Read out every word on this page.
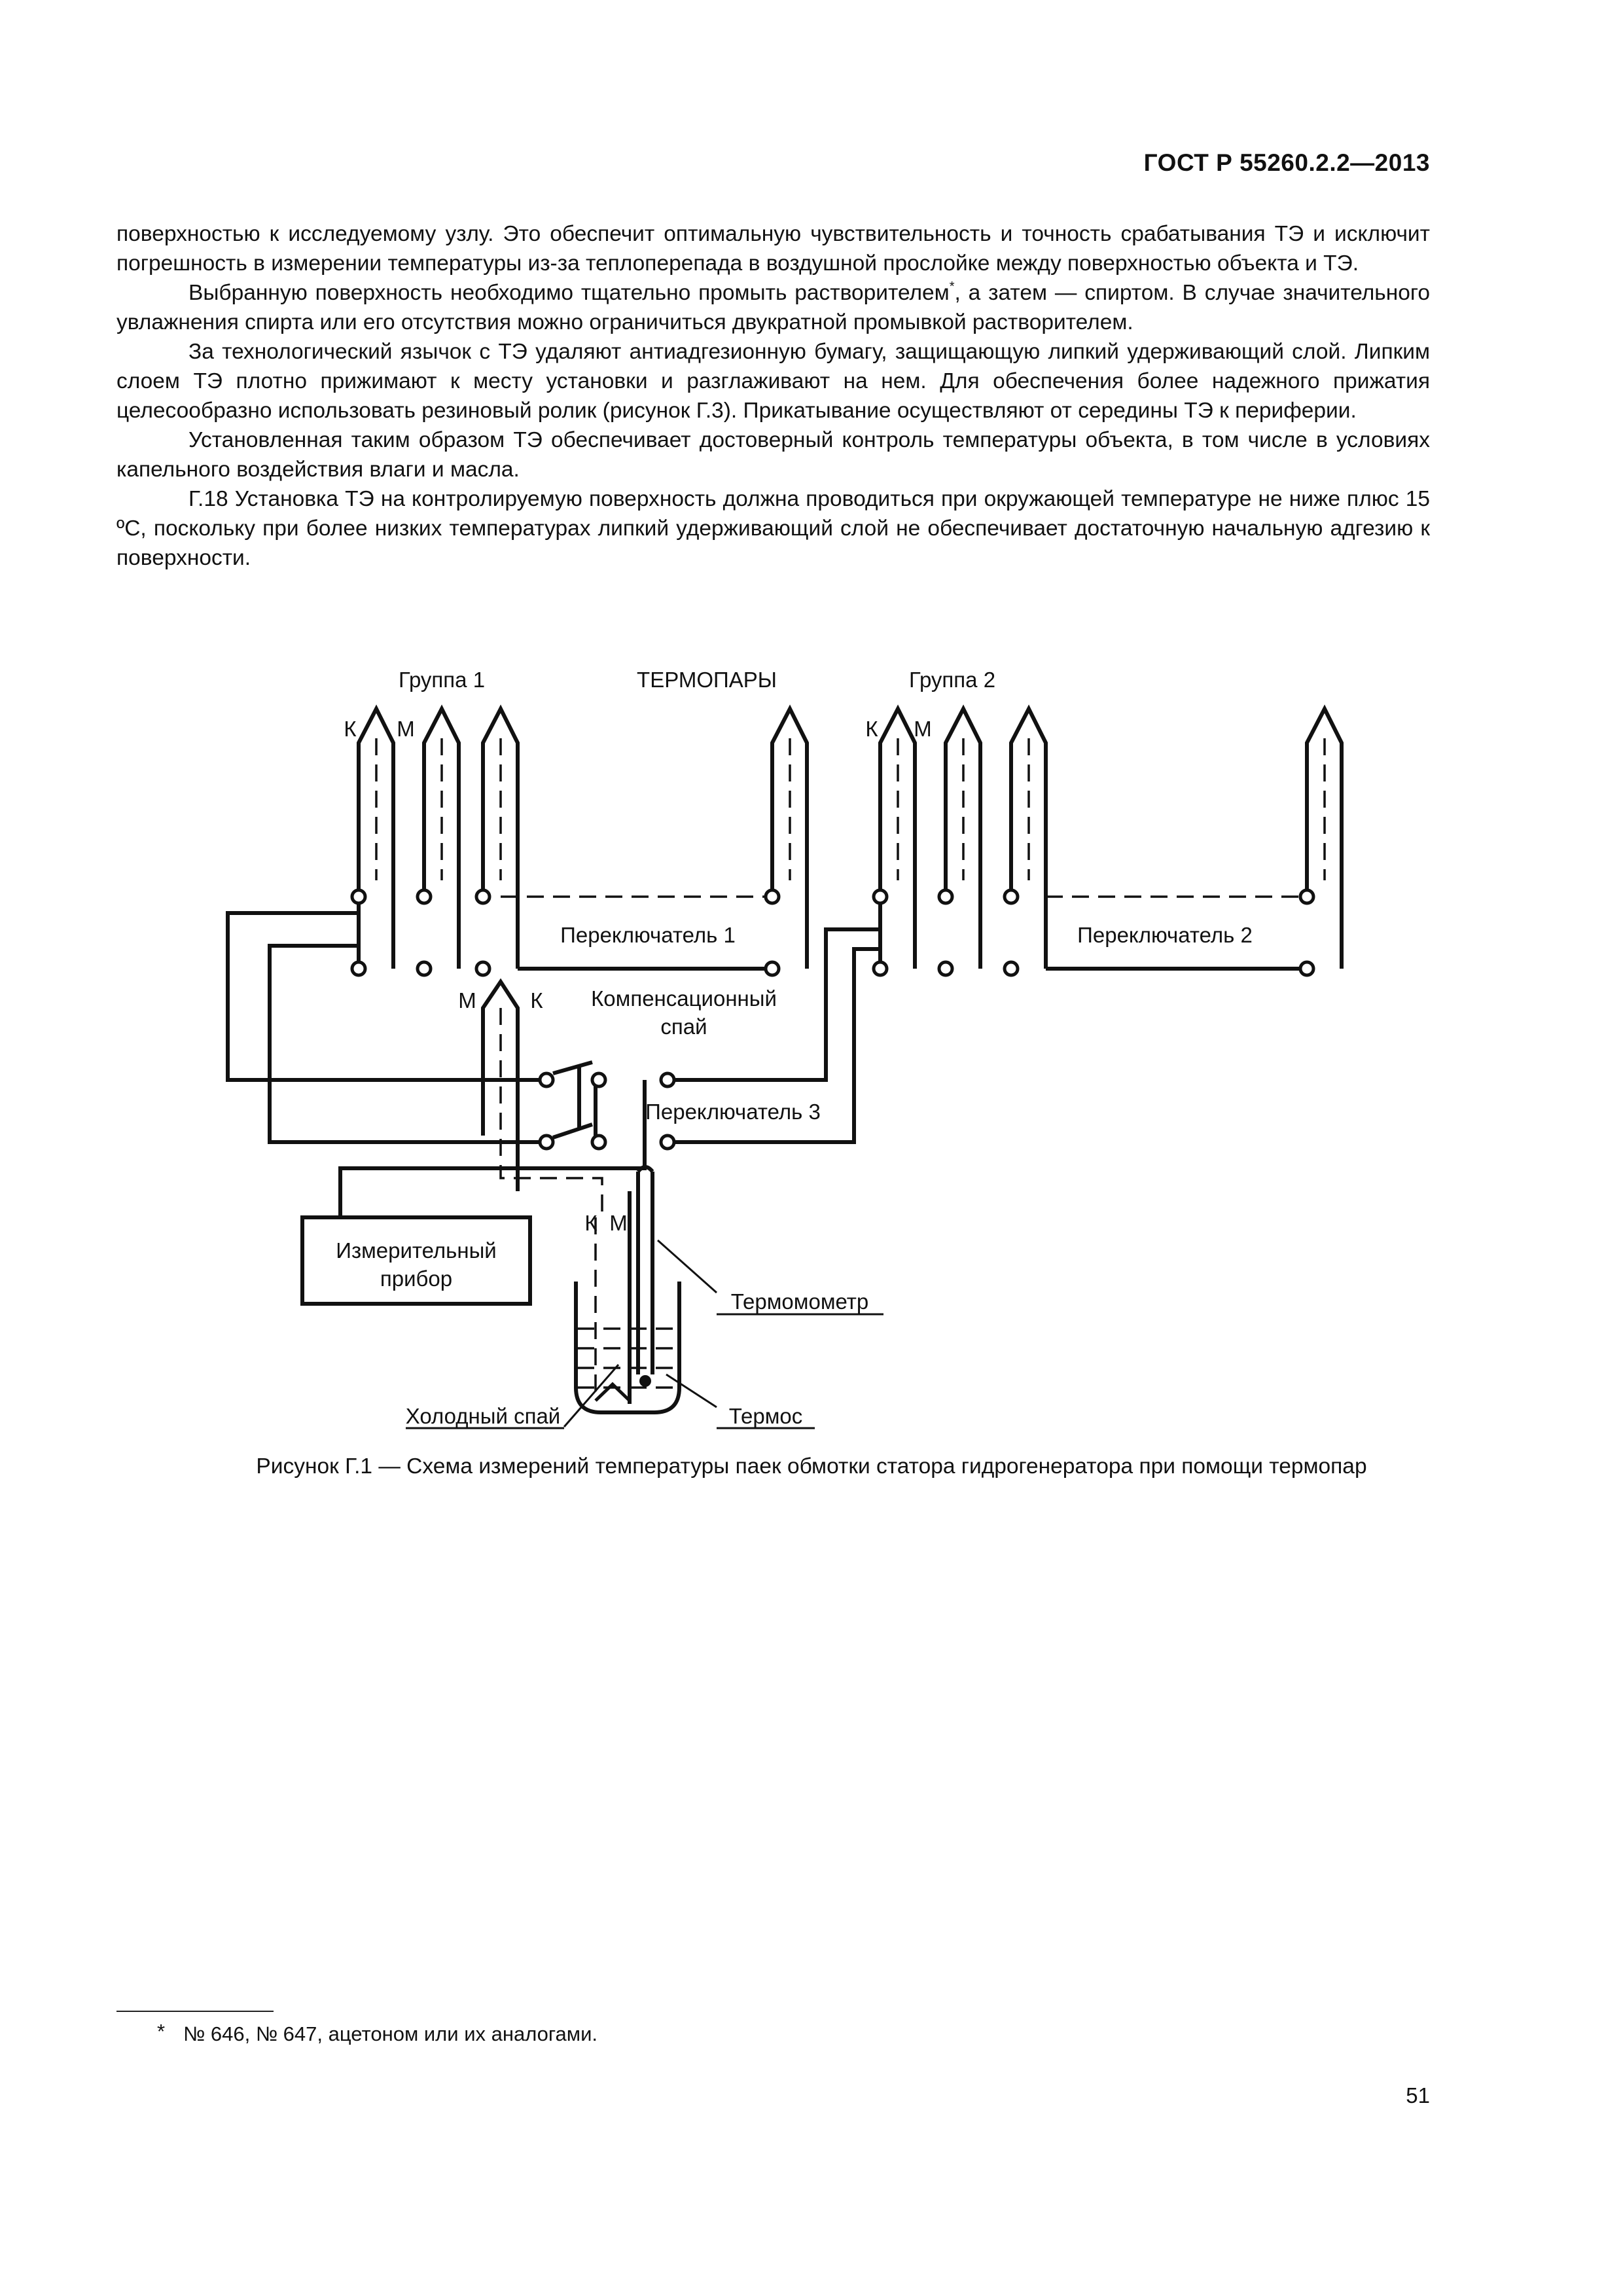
ГОСТ Р 55260.2.2—2013

поверхностью к исследуемому узлу. Это обеспечит оптимальную чувствительность и точность срабатывания ТЭ и исключит погрешность в измерении температуры из-за теплоперепада в воздушной прослойке между поверхностью объекта и ТЭ.

Выбранную поверхность необходимо тщательно промыть растворителем*, а затем — спиртом. В случае значительного увлажнения спирта или его отсутствия можно ограничиться двукратной промывкой растворителем.

За технологический язычок с ТЭ удаляют антиадгезионную бумагу, защищающую липкий удерживающий слой. Липким слоем ТЭ плотно прижимают к месту установки и разглаживают на нем. Для обеспечения более надежного прижатия целесообразно использовать резиновый ролик (рисунок Г.3). Прикатывание осуществляют от середины ТЭ к периферии.

Установленная таким образом ТЭ обеспечивает достоверный контроль температуры объекта, в том числе в условиях капельного воздействия влаги и масла.

Г.18 Установка ТЭ на контролируемую поверхность должна проводиться при окружающей температуре не ниже плюс 15 ºС, поскольку при более низких температурах липкий удерживающий слой не обеспечивает достаточную начальную адгезию к поверхности.

Группа 1	ТЕРМОПАРЫ	Группа 2
К М	К М
Переключатель 1	Переключатель 2
М	К Компенсационный
спай
Переключатель 3
К М
Измерительный
прибор
Термомометр
Холодный спай	Термос
Рисунок Г.1 — Схема измерений температуры паек обмотки статора гидрогенератора при помощи термопар
* № 646, № 647, ацетоном или их аналогами.
51
